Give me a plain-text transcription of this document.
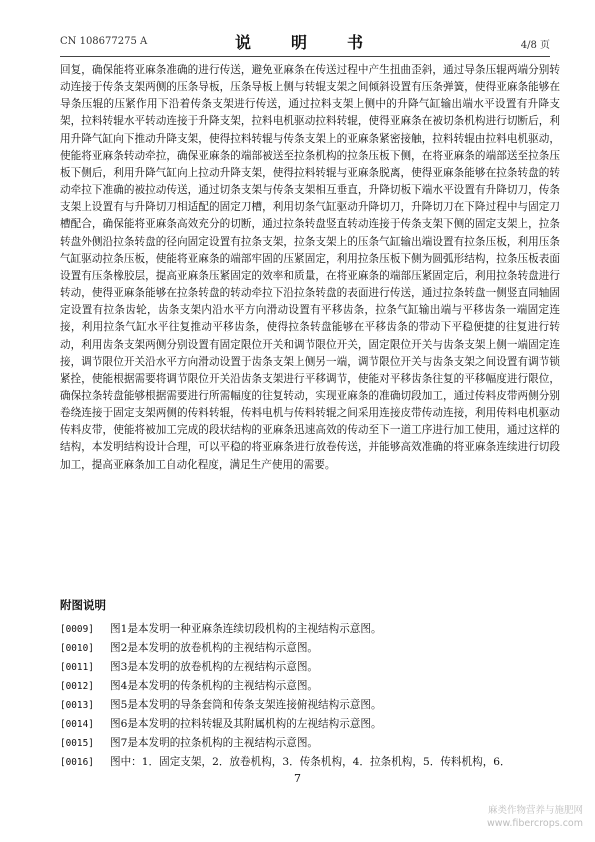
CN 108677275 A	说　明　书	4/8 页
回复，确保能将亚麻条准确的进行传送，避免亚麻条在传送过程中产生扭曲歪斜，通过导条压辊两端分别转动连接于传条支架两侧的压条导板，压条导板上侧与转辊支架之间倾斜设置有压条弹簧，使得亚麻条能够在导条压辊的压紧作用下沿着传条支架进行传送，通过拉料支架上侧中的升降气缸输出端水平设置有升降支架，拉料转辊水平转动连接于升降支架，拉料电机驱动拉料转辊，使得亚麻条在被切条机构进行切断后，利用升降气缸向下推动升降支架，使得拉料转辊与传条支架上的亚麻条紧密接触，拉料转辊由拉料电机驱动，使能将亚麻条转动牵拉，确保亚麻条的端部被送至拉条机构的拉条压板下侧，在将亚麻条的端部送至拉条压板下侧后，利用升降气缸向上拉动升降支架，使得拉料转辊与亚麻条脱离，使得亚麻条能够在拉条转盘的转动牵拉下准确的被拉动传送，通过切条支架与传条支架相互垂直，升降切板下端水平设置有升降切刀，传条支架上设置有与升降切刀相适配的固定刀槽，利用切条气缸驱动升降切刀，升降切刀在下降过程中与固定刀槽配合，确保能将亚麻条高效充分的切断，通过拉条转盘竖直转动连接于传条支架下侧的固定支架上，拉条转盘外侧沿拉条转盘的径向固定设置有拉条支架，拉条支架上的压条气缸输出端设置有拉条压板，利用压条气缸驱动拉条压板，使能将亚麻条的端部牢固的压紧固定，利用拉条压板下侧为圆弧形结构，拉条压板表面设置有压条橡胶层，提高亚麻条压紧固定的效率和质量，在将亚麻条的端部压紧固定后，利用拉条转盘进行转动，使得亚麻条能够在拉条转盘的转动牵拉下沿拉条转盘的表面进行传送，通过拉条转盘一侧竖直同轴固定设置有拉条齿轮，齿条支架内沿水平方向滑动设置有平移齿条，拉条气缸输出端与平移齿条一端固定连接，利用拉条气缸水平往复推动平移齿条，使得拉条转盘能够在平移齿条的带动下平稳便捷的往复进行转动，利用齿条支架两侧分别设置有固定限位开关和调节限位开关，固定限位开关与齿条支架上侧一端固定连接，调节限位开关沿水平方向滑动设置于齿条支架上侧另一端，调节限位开关与齿条支架之间设置有调节锁紧拴，使能根据需要将调节限位开关沿齿条支架进行平移调节，使能对平移齿条往复的平移幅度进行限位，确保拉条转盘能够根据需要进行所需幅度的往复转动，实现亚麻条的准确切段加工，通过传料皮带两侧分别卷绕连接于固定支架两侧的传料转辊，传料电机与传料转辊之间采用连接皮带传动连接，利用传料电机驱动传料皮带，使能将被加工完成的段状结构的亚麻条迅速高效的传动至下一道工序进行加工使用，通过这样的结构，本发明结构设计合理，可以平稳的将亚麻条进行放卷传送，并能够高效准确的将亚麻条连续进行切段加工，提高亚麻条加工自动化程度，满足生产使用的需要。
附图说明
[0009]	图1是本发明一种亚麻条连续切段机构的主视结构示意图。
[0010]	图2是本发明的放卷机构的主视结构示意图。
[0011]	图3是本发明的放卷机构的左视结构示意图。
[0012]	图4是本发明的传条机构的主视结构示意图。
[0013]	图5是本发明的导条套筒和传条支架连接俯视结构示意图。
[0014]	图6是本发明的拉料转辊及其附属机构的左视结构示意图。
[0015]	图7是本发明的拉条机构的主视结构示意图。
[0016]	图中：1．固定支架，2．放卷机构，3．传条机构，4．拉条机构，5．传料机构，6．
7
麻类作物营养与施肥网
www.fibercrops.com
